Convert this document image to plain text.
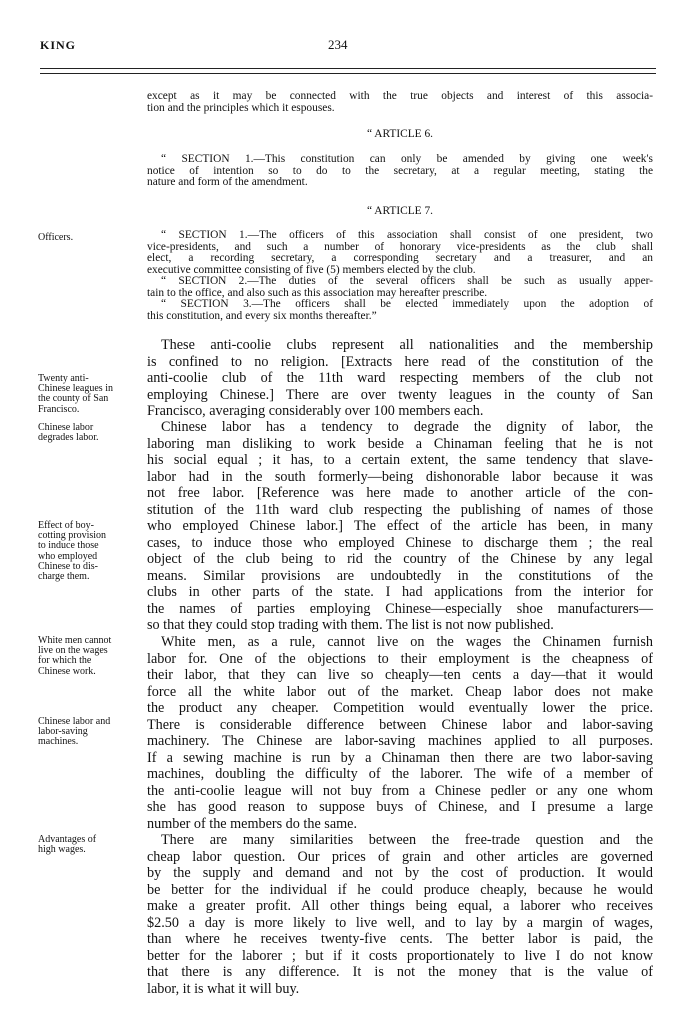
KING	234
except as it may be connected with the true objects and interest of this associa-
tion and the principles which it espouses.
“ ARTICLE 6.
“ SECTION 1.—This constitution can only be amended by giving one week's
notice of intention so to do to the secretary, at a regular meeting, stating the
nature and form of the amendment.
“ ARTICLE 7.
“ SECTION 1.—The officers of this association shall consist of one president, two
vice-presidents, and such a number of honorary vice-presidents as the club shall
elect, a recording secretary, a corresponding secretary and a treasurer, and an
executive committee consisting of five (5) members elected by the club.
“ SECTION 2.—The duties of the several officers shall be such as usually apper-
tain to the office, and also such as this association may hereafter prescribe.
“ SECTION 3.—The officers shall be elected immediately upon the adoption of
this constitution, and every six months thereafter.”
These anti-coolie clubs represent all nationalities and the membership
is confined to no religion. [Extracts here read of the constitution of the
anti-coolie club of the 11th ward respecting members of the club not
employing Chinese.] There are over twenty leagues in the county of San
Francisco, averaging considerably over 100 members each.
Chinese labor has a tendency to degrade the dignity of labor, the
laboring man disliking to work beside a Chinaman feeling that he is not
his social equal ; it has, to a certain extent, the same tendency that slave-
labor had in the south formerly—being dishonorable labor because it was
not free labor. [Reference was here made to another article of the con-
stitution of the 11th ward club respecting the publishing of names of those
who employed Chinese labor.] The effect of the article has been, in many
cases, to induce those who employed Chinese to discharge them ; the real
object of the club being to rid the country of the Chinese by any legal
means. Similar provisions are undoubtedly in the constitutions of the
clubs in other parts of the state. I had applications from the interior for
the names of parties employing Chinese—especially shoe manufacturers—
so that they could stop trading with them. The list is not now published.
White men, as a rule, cannot live on the wages the Chinamen furnish
labor for. One of the objections to their employment is the cheapness of
their labor, that they can live so cheaply—ten cents a day—that it would
force all the white labor out of the market. Cheap labor does not make
the product any cheaper. Competition would eventually lower the price.
There is considerable difference between Chinese labor and labor-saving
machinery. The Chinese are labor-saving machines applied to all purposes.
If a sewing machine is run by a Chinaman then there are two labor-saving
machines, doubling the difficulty of the laborer. The wife of a member of
the anti-coolie league will not buy from a Chinese pedler or any one whom
she has good reason to suppose buys of Chinese, and I presume a large
number of the members do the same.
There are many similarities between the free-trade question and the
cheap labor question. Our prices of grain and other articles are governed
by the supply and demand and not by the cost of production. It would
be better for the individual if he could produce cheaply, because he would
make a greater profit. All other things being equal, a laborer who receives
$2.50 a day is more likely to live well, and to lay by a margin of wages,
than where he receives twenty-five cents. The better labor is paid, the
better for the laborer ; but if it costs proportionately to live I do not know
that there is any difference. It is not the money that is the value of
labor, it is what it will buy.
Officers.
Twenty anti-
Chinese leagues in
the county of San
Francisco.
Chinese labor
degrades labor.
Effect of boy-
cotting provision
to induce those
who employed
Chinese to dis-
charge them.
White men cannot
live on the wages
for which the
Chinese work.
Chinese labor and
labor-saving
machines.
Advantages of
high wages.
